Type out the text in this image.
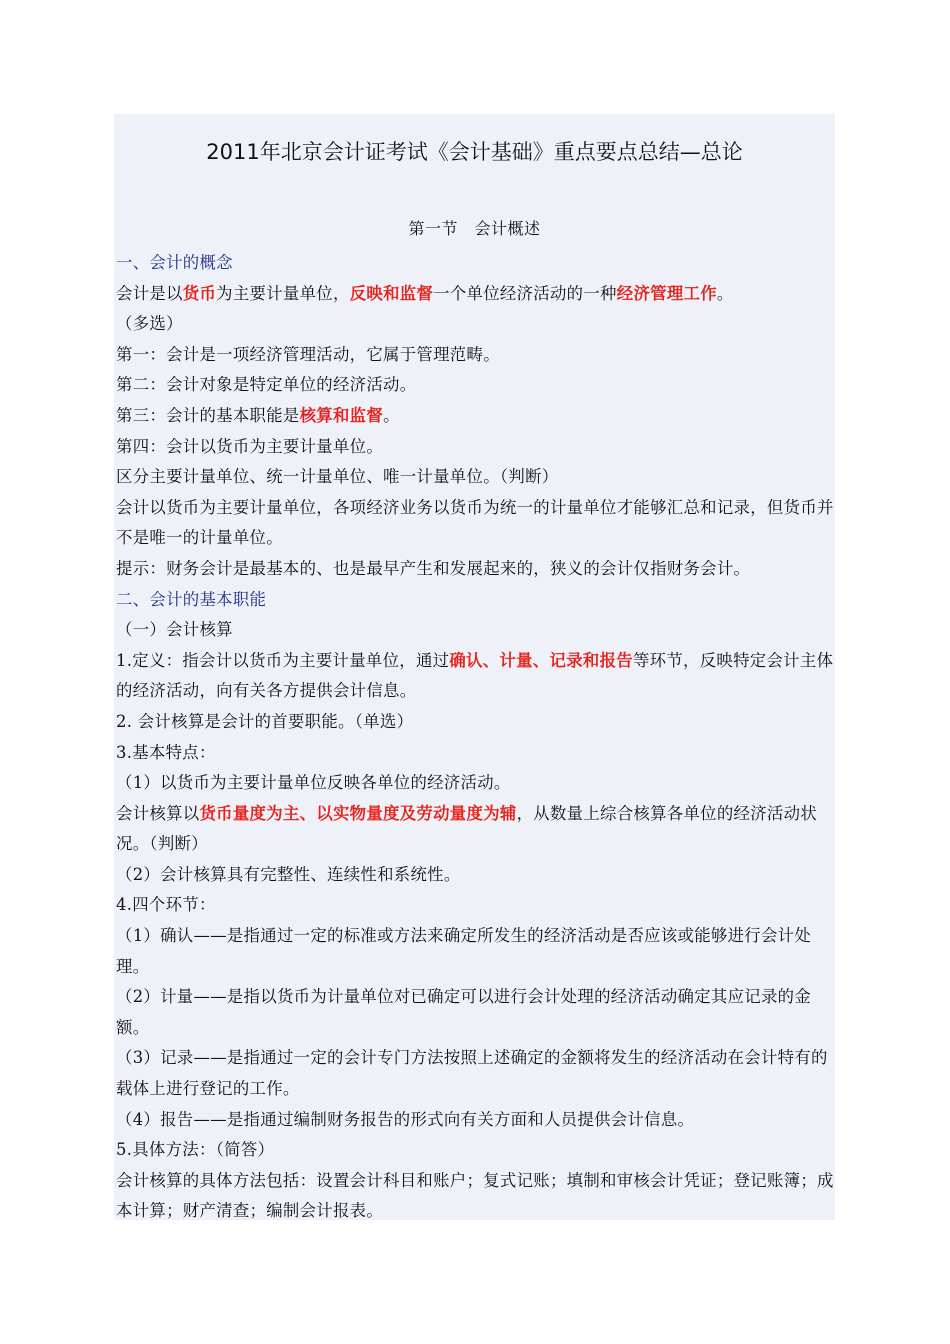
2011年北京会计证考试《会计基础》重点要点总结—总论
第一节　会计概述

一、会计的概念

会计是以货币为主要计量单位，反映和监督一个单位经济活动的一种经济管理工作。

（多选）

第一：会计是一项经济管理活动，它属于管理范畴。

第二：会计对象是特定单位的经济活动。

第三：会计的基本职能是核算和监督。

第四：会计以货币为主要计量单位。

区分主要计量单位、统一计量单位、唯一计量单位。（判断）

会计以货币为主要计量单位，各项经济业务以货币为统一的计量单位才能够汇总和记录，但货币并不是唯一的计量单位。

提示：财务会计是最基本的、也是最早产生和发展起来的，狭义的会计仅指财务会计。

二、会计的基本职能

（一）会计核算

1.定义：指会计以货币为主要计量单位，通过确认、计量、记录和报告等环节，反映特定会计主体的经济活动，向有关各方提供会计信息。

2. 会计核算是会计的首要职能。（单选）

3.基本特点：

（1）以货币为主要计量单位反映各单位的经济活动。

会计核算以货币量度为主、以实物量度及劳动量度为辅，从数量上综合核算各单位的经济活动状况。（判断）

（2）会计核算具有完整性、连续性和系统性。

4.四个环节：

（1）确认——是指通过一定的标准或方法来确定所发生的经济活动是否应该或能够进行会计处理。

（2）计量——是指以货币为计量单位对已确定可以进行会计处理的经济活动确定其应记录的金额。

（3）记录——是指通过一定的会计专门方法按照上述确定的金额将发生的经济活动在会计特有的载体上进行登记的工作。

（4）报告——是指通过编制财务报告的形式向有关方面和人员提供会计信息。

5.具体方法：（简答）

会计核算的具体方法包括：设置会计科目和账户；复式记账；填制和审核会计凭证；登记账簿；成本计算；财产清查；编制会计报表。
